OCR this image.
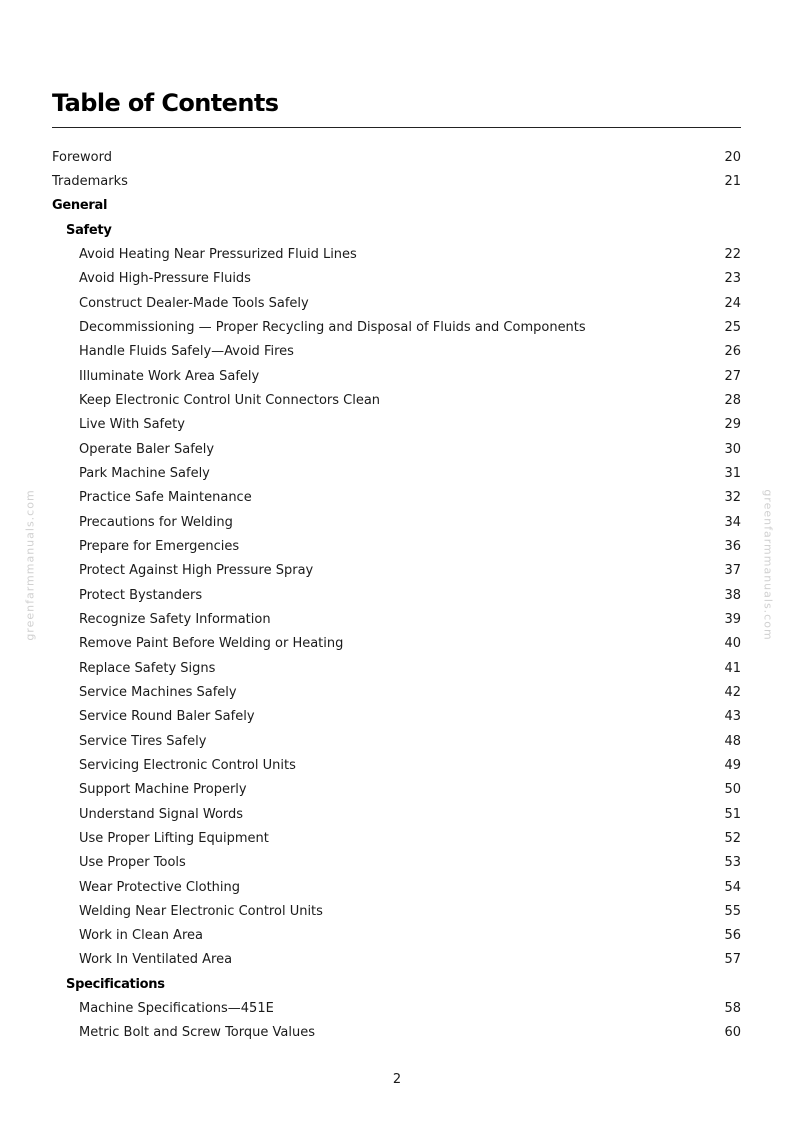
Table of Contents
Foreword	20
Trademarks	21
General
Safety
Avoid Heating Near Pressurized Fluid Lines	22
Avoid High-Pressure Fluids	23
Construct Dealer-Made Tools Safely	24
Decommissioning — Proper Recycling and Disposal of Fluids and Components	25
Handle Fluids Safely—Avoid Fires	26
Illuminate Work Area Safely	27
Keep Electronic Control Unit Connectors Clean	28
Live With Safety	29
Operate Baler Safely	30
Park Machine Safely	31
Practice Safe Maintenance	32
Precautions for Welding	34
Prepare for Emergencies	36
Protect Against High Pressure Spray	37
Protect Bystanders	38
Recognize Safety Information	39
Remove Paint Before Welding or Heating	40
Replace Safety Signs	41
Service Machines Safely	42
Service Round Baler Safely	43
Service Tires Safely	48
Servicing Electronic Control Units	49
Support Machine Properly	50
Understand Signal Words	51
Use Proper Lifting Equipment	52
Use Proper Tools	53
Wear Protective Clothing	54
Welding Near Electronic Control Units	55
Work in Clean Area	56
Work In Ventilated Area	57
Specifications
Machine Specifications—451E	58
Metric Bolt and Screw Torque Values	60
greenfarmmanuals.com	greenfarmmanuals.com
2
